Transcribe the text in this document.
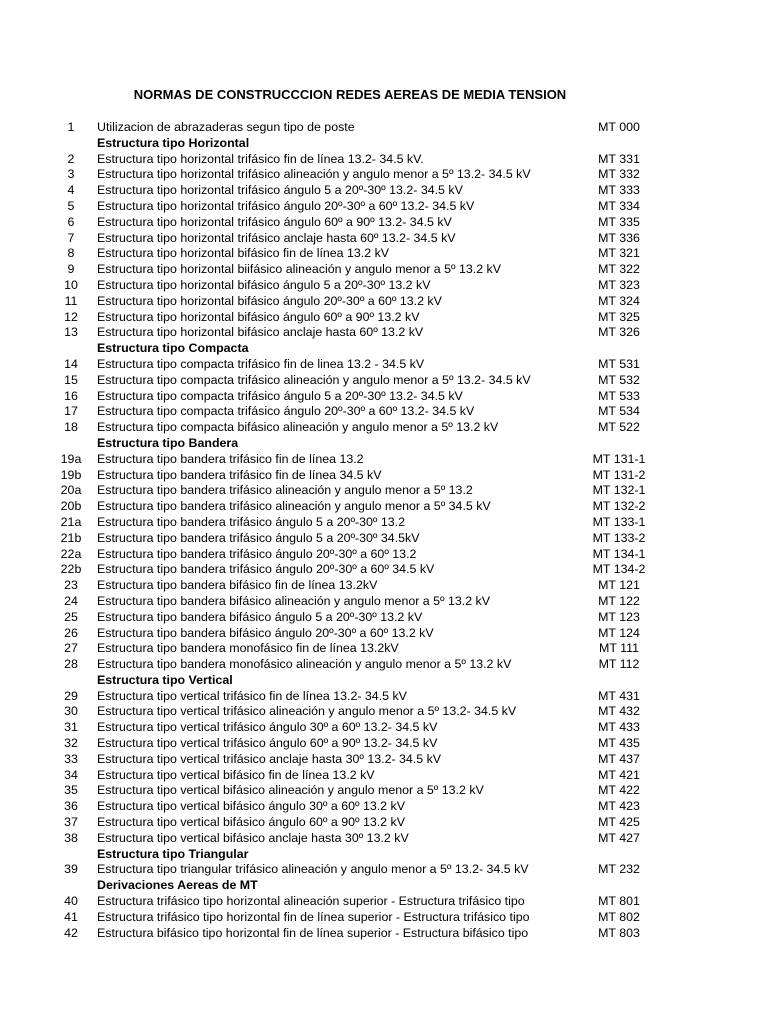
NORMAS DE CONSTRUCCCION REDES AEREAS DE MEDIA TENSION
1	Utilizacion de abrazaderas segun tipo de poste	MT 000
Estructura tipo Horizontal
2	Estructura tipo horizontal trifásico fin de línea 13.2- 34.5 kV.	MT 331
3	Estructura tipo horizontal trifásico alineación y angulo menor a 5º 13.2- 34.5 kV	MT 332
4	Estructura tipo horizontal trifásico ángulo 5 a 20º-30º 13.2- 34.5 kV	MT 333
5	Estructura tipo horizontal trifásico ángulo 20º-30º a 60º 13.2- 34.5 kV	MT 334
6	Estructura tipo horizontal trifásico ángulo 60º a 90º 13.2- 34.5 kV	MT 335
7	Estructura tipo horizontal trifásico anclaje hasta 60º 13.2- 34.5 kV	MT 336
8	Estructura tipo horizontal bifásico fin de línea 13.2 kV	MT 321
9	Estructura tipo horizontal biifásico alineación y angulo menor a 5º 13.2 kV	MT 322
10	Estructura tipo horizontal bifásico ángulo 5 a 20º-30º 13.2 kV	MT 323
11	Estructura tipo horizontal bifásico ángulo 20º-30º a 60º 13.2 kV	MT 324
12	Estructura tipo horizontal bifásico ángulo 60º a 90º 13.2 kV	MT 325
13	Estructura tipo horizontal bifásico anclaje hasta 60º 13.2 kV	MT 326
Estructura tipo Compacta
14	Estructura tipo compacta trifásico fin de linea 13.2 - 34.5 kV	MT 531
15	Estructura tipo compacta trifásico alineación y angulo menor a 5º 13.2- 34.5 kV	MT 532
16	Estructura tipo compacta trifásico ángulo 5 a 20º-30º 13.2- 34.5 kV	MT 533
17	Estructura tipo compacta trifásico ángulo 20º-30º a 60º 13.2- 34.5 kV	MT 534
18	Estructura tipo compacta bifásico alineación y angulo menor a 5º 13.2 kV	MT 522
Estructura tipo Bandera
19a	Estructura tipo bandera trifásico fin de línea 13.2	MT 131-1
19b	Estructura tipo bandera trifásico fin de línea 34.5 kV	MT 131-2
20a	Estructura tipo bandera trifásico alineación y angulo menor a 5º 13.2	MT 132-1
20b	Estructura tipo bandera trifásico alineación y angulo menor a 5º 34.5 kV	MT 132-2
21a	Estructura tipo bandera trifásico ángulo 5 a 20º-30º 13.2	MT 133-1
21b	Estructura tipo bandera trifásico ángulo 5 a 20º-30º 34.5kV	MT 133-2
22a	Estructura tipo bandera trifásico ángulo 20º-30º a 60º 13.2	MT 134-1
22b	Estructura tipo bandera trifásico ángulo 20º-30º a 60º 34.5 kV	MT 134-2
23	Estructura tipo bandera bifásico fin de línea 13.2kV	MT 121
24	Estructura tipo bandera bifásico alineación y angulo menor a 5º 13.2 kV	MT 122
25	Estructura tipo bandera bifásico ángulo 5 a 20º-30º 13.2 kV	MT 123
26	Estructura tipo bandera bifásico ángulo 20º-30º a 60º 13.2 kV	MT 124
27	Estructura tipo bandera monofásico fin de línea 13.2kV	MT 111
28	Estructura tipo bandera monofásico alineación y angulo menor a 5º 13.2 kV	MT 112
Estructura tipo Vertical
29	Estructura tipo vertical trifásico fin de línea 13.2- 34.5 kV	MT 431
30	Estructura tipo vertical trifásico alineación y angulo menor a 5º 13.2- 34.5 kV	MT 432
31	Estructura tipo vertical trifásico ángulo 30º a 60º 13.2- 34.5 kV	MT 433
32	Estructura tipo vertical trifásico ángulo 60º a 90º 13.2- 34.5 kV	MT 435
33	Estructura tipo vertical trifásico anclaje hasta 30º 13.2- 34.5 kV	MT 437
34	Estructura tipo vertical bifásico fin de línea 13.2 kV	MT 421
35	Estructura tipo vertical bifásico alineación y angulo menor a 5º 13.2 kV	MT 422
36	Estructura tipo vertical bifásico ángulo 30º a 60º 13.2 kV	MT 423
37	Estructura tipo vertical bifásico ángulo 60º a 90º 13.2 kV	MT 425
38	Estructura tipo vertical bifásico anclaje hasta 30º 13.2 kV	MT 427
Estructura tipo Triangular
39	Estructura tipo triangular trifásico alineación y angulo menor a 5º 13.2- 34.5 kV	MT 232
Derivaciones Aereas de MT
40	Estructura trifásico tipo horizontal alineación superior - Estructura trifásico tipo	MT 801
41	Estructura trifásico tipo horizontal fin de línea superior - Estructura trifásico tipo	MT 802
42	Estructura bifásico tipo horizontal fin de línea superior - Estructura bifásico tipo	MT 803
